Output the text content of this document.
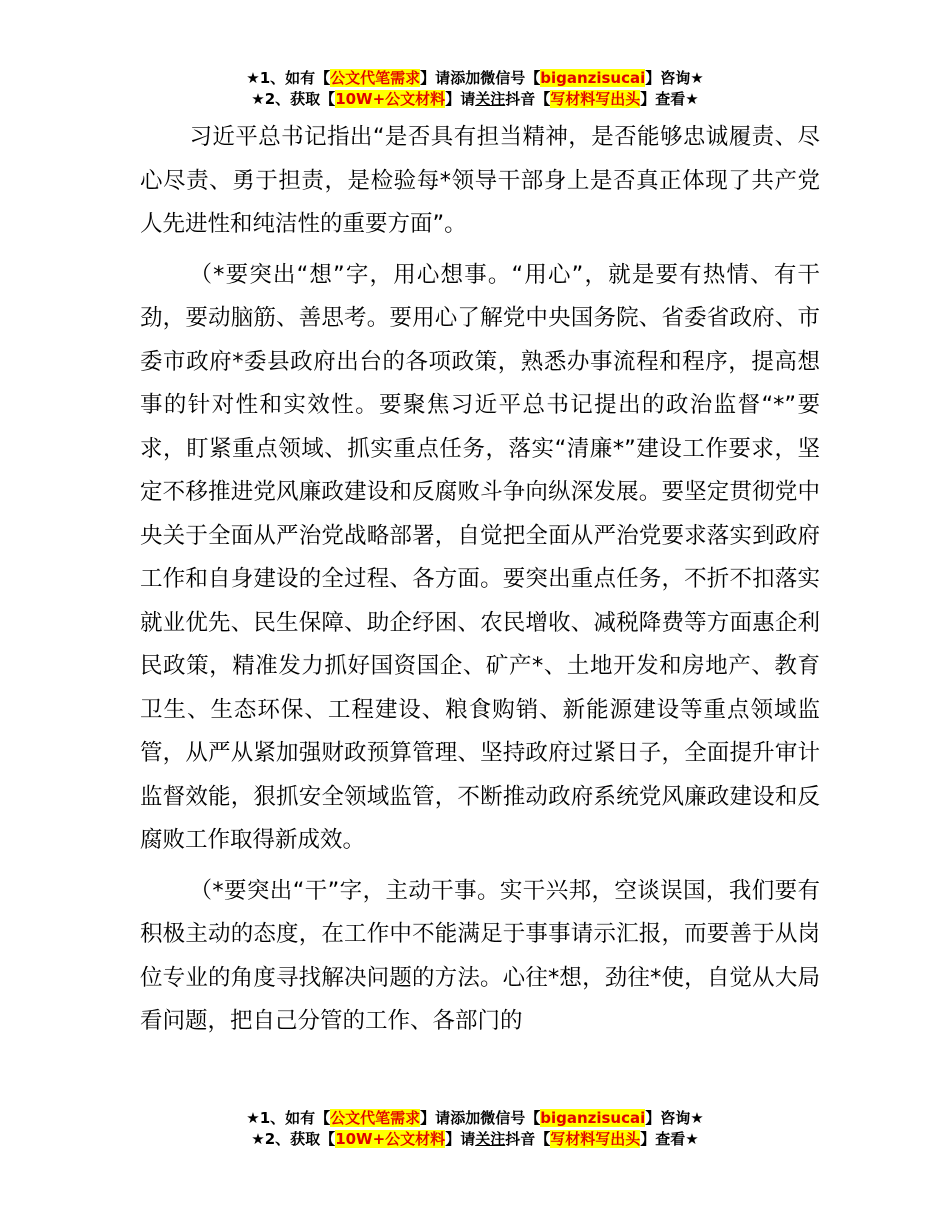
★1、如有【公文代笔需求】请添加微信号【biganzisucai】咨询★
★2、获取【10W+公文材料】请关注抖音【写材料写出头】查看★

习近平总书记指出“是否具有担当精神，是否能够忠诚履责、尽心尽责、勇于担责，是检验每*领导干部身上是否真正体现了共产党人先进性和纯洁性的重要方面”。

（*要突出“想”字，用心想事。“用心”，就是要有热情、有干劲，要动脑筋、善思考。要用心了解党中央国务院、省委省政府、市委市政府*委县政府出台的各项政策，熟悉办事流程和程序，提高想事的针对性和实效性。要聚焦习近平总书记提出的政治监督“*”要求，盯紧重点领域、抓实重点任务，落实“清廉*”建设工作要求，坚定不移推进党风廉政建设和反腐败斗争向纵深发展。要坚定贯彻党中央关于全面从严治党战略部署，自觉把全面从严治党要求落实到政府工作和自身建设的全过程、各方面。要突出重点任务，不折不扣落实就业优先、民生保障、助企纾困、农民增收、减税降费等方面惠企利民政策，精准发力抓好国资国企、矿产*、土地开发和房地产、教育卫生、生态环保、工程建设、粮食购销、新能源建设等重点领域监管，从严从紧加强财政预算管理、坚持政府过紧日子，全面提升审计监督效能，狠抓安全领域监管，不断推动政府系统党风廉政建设和反腐败工作取得新成效。

（*要突出“干”字，主动干事。实干兴邦，空谈误国，我们要有积极主动的态度，在工作中不能满足于事事请示汇报，而要善于从岗位专业的角度寻找解决问题的方法。心往*想，劲往*使，自觉从大局看问题，把自己分管的工作、各部门的

★1、如有【公文代笔需求】请添加微信号【biganzisucai】咨询★
★2、获取【10W+公文材料】请关注抖音【写材料写出头】查看★
